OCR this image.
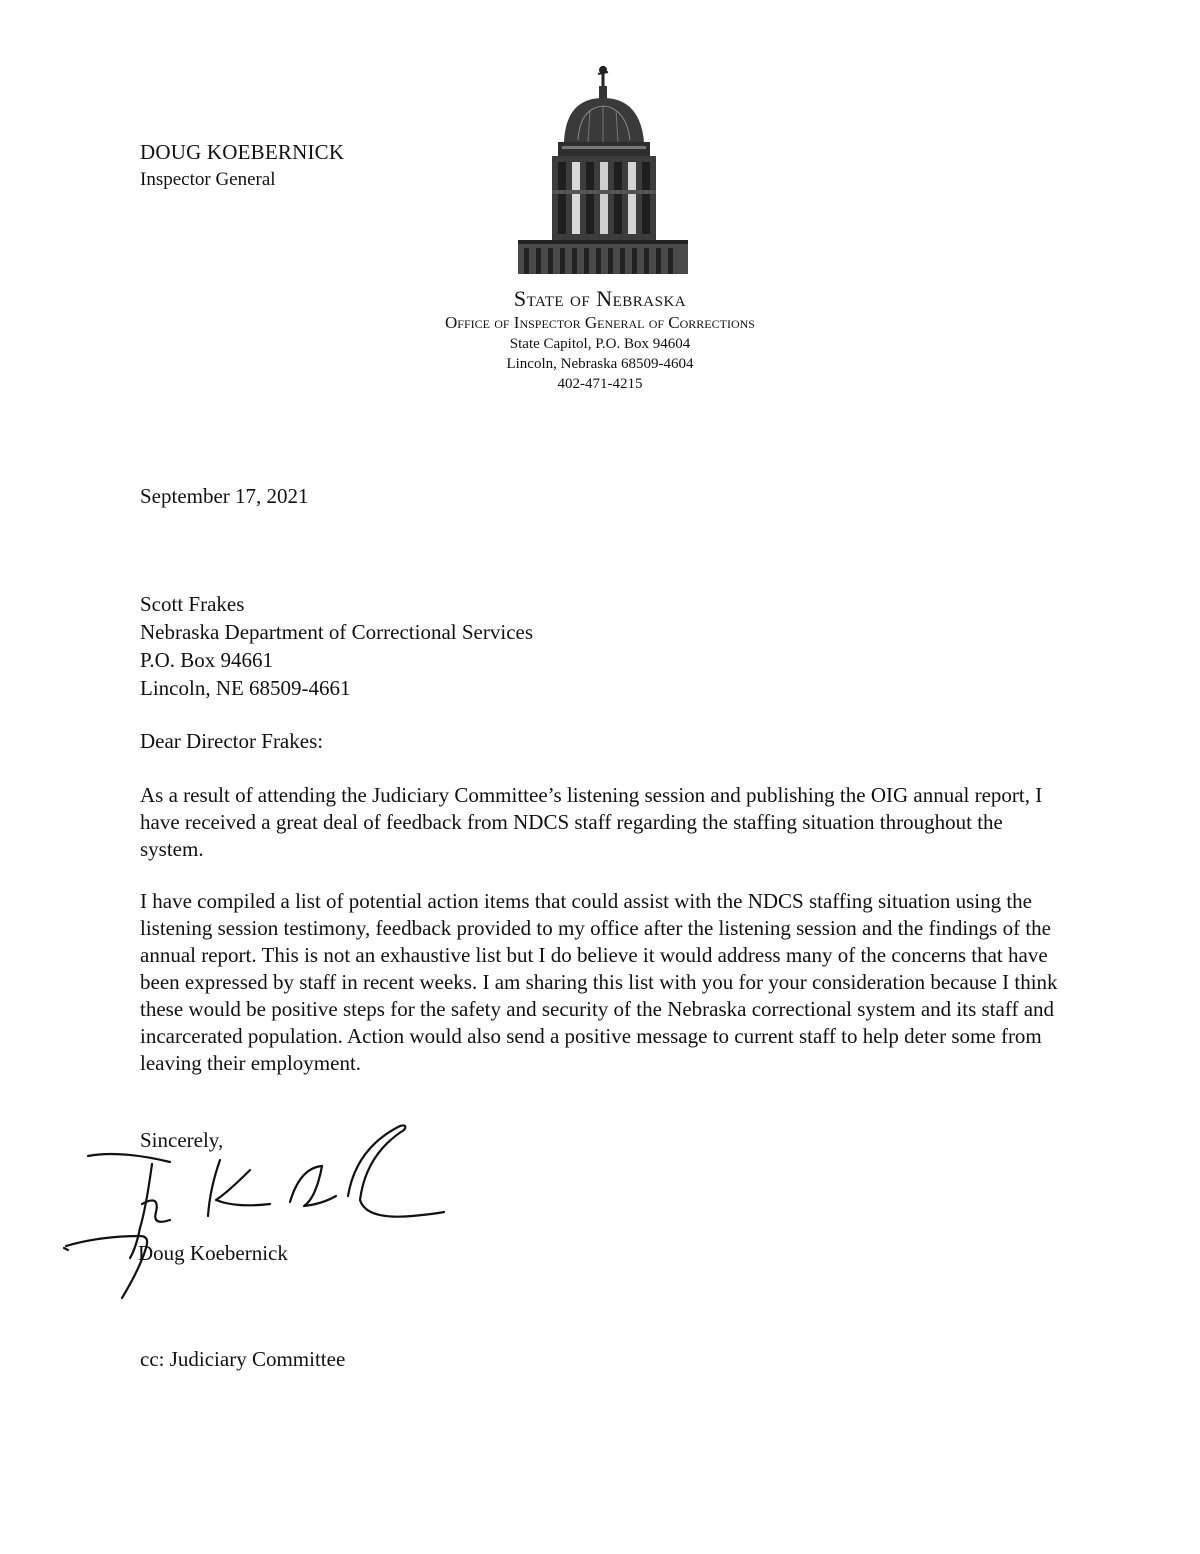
DOUG KOEBERNICK
Inspector General
State of Nebraska
Office of Inspector General of Corrections
State Capitol, P.O. Box 94604
Lincoln, Nebraska 68509-4604
402-471-4215
September 17, 2021
Scott Frakes
Nebraska Department of Correctional Services
P.O. Box 94661
Lincoln, NE 68509-4661
Dear Director Frakes:

As a result of attending the Judiciary Committee’s listening session and publishing the OIG annual report, I have received a great deal of feedback from NDCS staff regarding the staffing situation throughout the system.

I have compiled a list of potential action items that could assist with the NDCS staffing situation using the listening session testimony, feedback provided to my office after the listening session and the findings of the annual report. This is not an exhaustive list but I do believe it would address many of the concerns that have been expressed by staff in recent weeks. I am sharing this list with you for your consideration because I think these would be positive steps for the safety and security of the Nebraska correctional system and its staff and incarcerated population. Action would also send a positive message to current staff to help deter some from leaving their employment.

Sincerely,
Doug Koebernick
cc: Judiciary Committee
